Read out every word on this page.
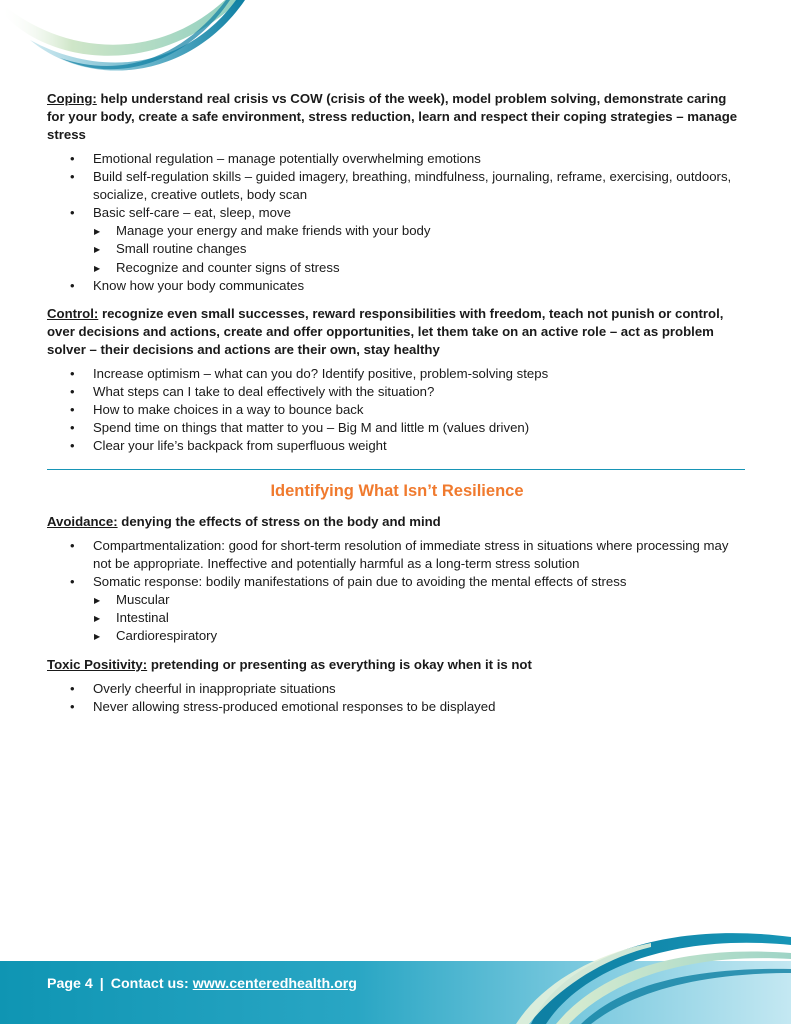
Coping: help understand real crisis vs COW (crisis of the week), model problem solving, demonstrate caring for your body, create a safe environment, stress reduction, learn and respect their coping strategies – manage stress

• Emotional regulation – manage potentially overwhelming emotions
• Build self-regulation skills – guided imagery, breathing, mindfulness, journaling, reframe, exercising, outdoors, socialize, creative outlets, body scan
• Basic self-care – eat, sleep, move
▶ Manage your energy and make friends with your body
▶ Small routine changes
▶ Recognize and counter signs of stress
• Know how your body communicates

Control: recognize even small successes, reward responsibilities with freedom, teach not punish or control, over decisions and actions, create and offer opportunities, let them take on an active role – act as problem solver – their decisions and actions are their own, stay healthy

• Increase optimism – what can you do? Identify positive, problem-solving steps
• What steps can I take to deal effectively with the situation?
• How to make choices in a way to bounce back
• Spend time on things that matter to you – Big M and little m (values driven)
• Clear your life’s backpack from superfluous weight
Identifying What Isn’t Resilience

Avoidance: denying the effects of stress on the body and mind

• Compartmentalization: good for short-term resolution of immediate stress in situations where processing may not be appropriate. Ineffective and potentially harmful as a long-term stress solution
• Somatic response: bodily manifestations of pain due to avoiding the mental effects of stress
▶ Muscular
▶ Intestinal
▶ Cardiorespiratory

Toxic Positivity: pretending or presenting as everything is okay when it is not

• Overly cheerful in inappropriate situations
• Never allowing stress-produced emotional responses to be displayed
Page 4 | Contact us: www.centeredhealth.org
